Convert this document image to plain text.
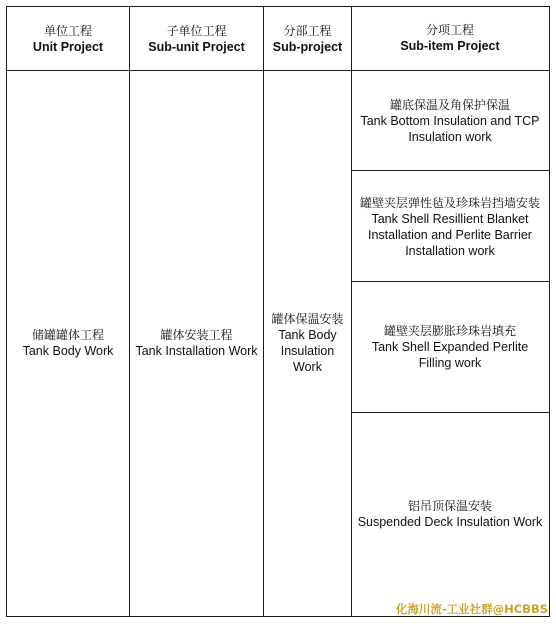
单位工程
Unit Project
子单位工程
Sub-unit Project
分部工程
Sub-project
分项工程
Sub-item Project
储罐罐体工程
Tank Body Work
罐体安装工程
Tank Installation Work
罐体保温安装
Tank Body
Insulation
Work
罐底保温及角保护保温
Tank Bottom Insulation and TCP
Insulation work
罐壁夹层弹性毡及珍珠岩挡墙安装
Tank Shell Resillient Blanket
Installation and Perlite Barrier
Installation work
罐壁夹层膨胀珍珠岩填充
Tank Shell Expanded Perlite
Filling work
铝吊顶保温安装
Suspended Deck Insulation Work
化海川流-工业社群@HCBBS
